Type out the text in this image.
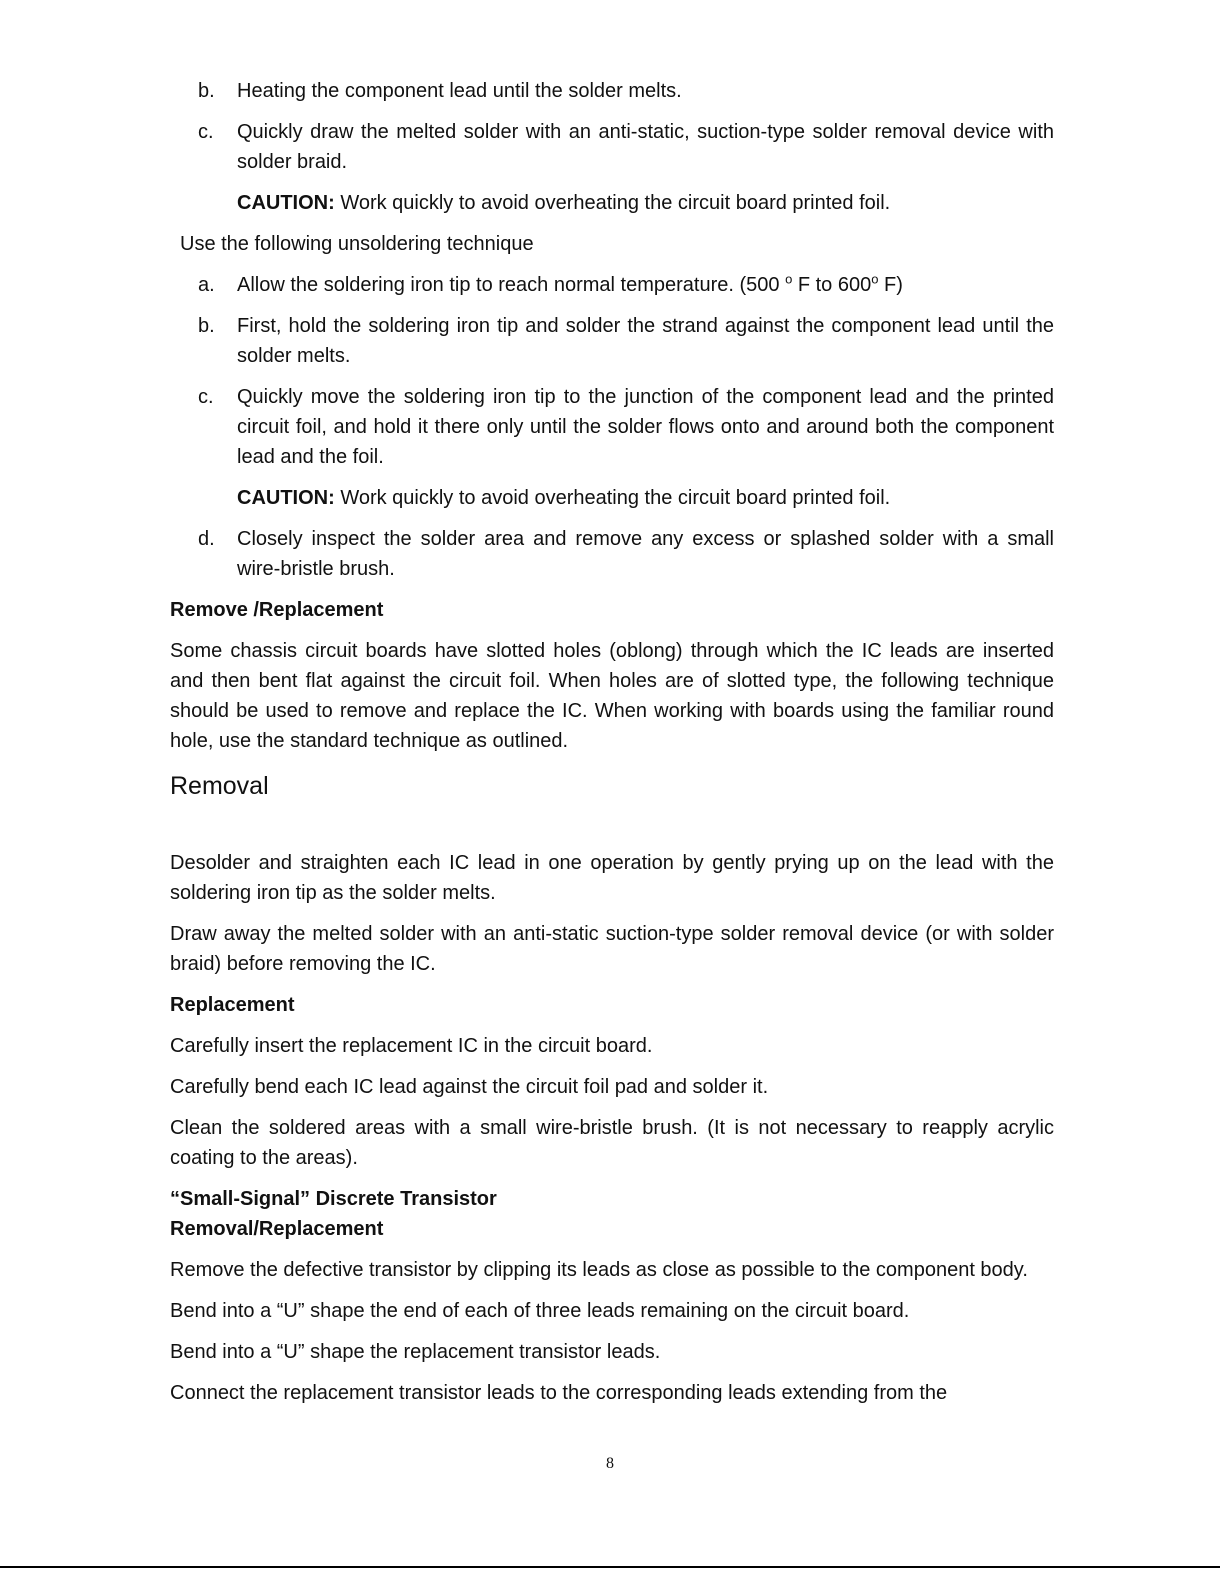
b. Heating the component lead until the solder melts.
c. Quickly draw the melted solder with an anti-static, suction-type solder removal device with solder braid.
CAUTION: Work quickly to avoid overheating the circuit board printed foil.
Use the following unsoldering technique
a. Allow the soldering iron tip to reach normal temperature. (500 $^o$ F to 600$^o$ F)
b. First, hold the soldering iron tip and solder the strand against the component lead until the solder melts.
c. Quickly move the soldering iron tip to the junction of the component lead and the printed circuit foil, and hold it there only until the solder flows onto and around both the component lead and the foil.
CAUTION: Work quickly to avoid overheating the circuit board printed foil.
d. Closely inspect the solder area and remove any excess or splashed solder with a small wire-bristle brush.
Remove /Replacement

Some chassis circuit boards have slotted holes (oblong) through which the IC leads are inserted and then bent flat against the circuit foil. When holes are of slotted type, the following technique should be used to remove and replace the IC. When working with boards using the familiar round hole, use the standard technique as outlined.

Removal

Desolder and straighten each IC lead in one operation by gently prying up on the lead with the soldering iron tip as the solder melts.

Draw away the melted solder with an anti-static suction-type solder removal device (or with solder braid) before removing the IC.

Replacement

Carefully insert the replacement IC in the circuit board.

Carefully bend each IC lead against the circuit foil pad and solder it.

Clean the soldered areas with a small wire-bristle brush. (It is not necessary to reapply acrylic coating to the areas).

“Small-Signal” Discrete Transistor
Removal/Replacement

Remove the defective transistor by clipping its leads as close as possible to the component body.

Bend into a “U” shape the end of each of three leads remaining on the circuit board.

Bend into a “U” shape the replacement transistor leads.

Connect the replacement transistor leads to the corresponding leads extending from the

8
